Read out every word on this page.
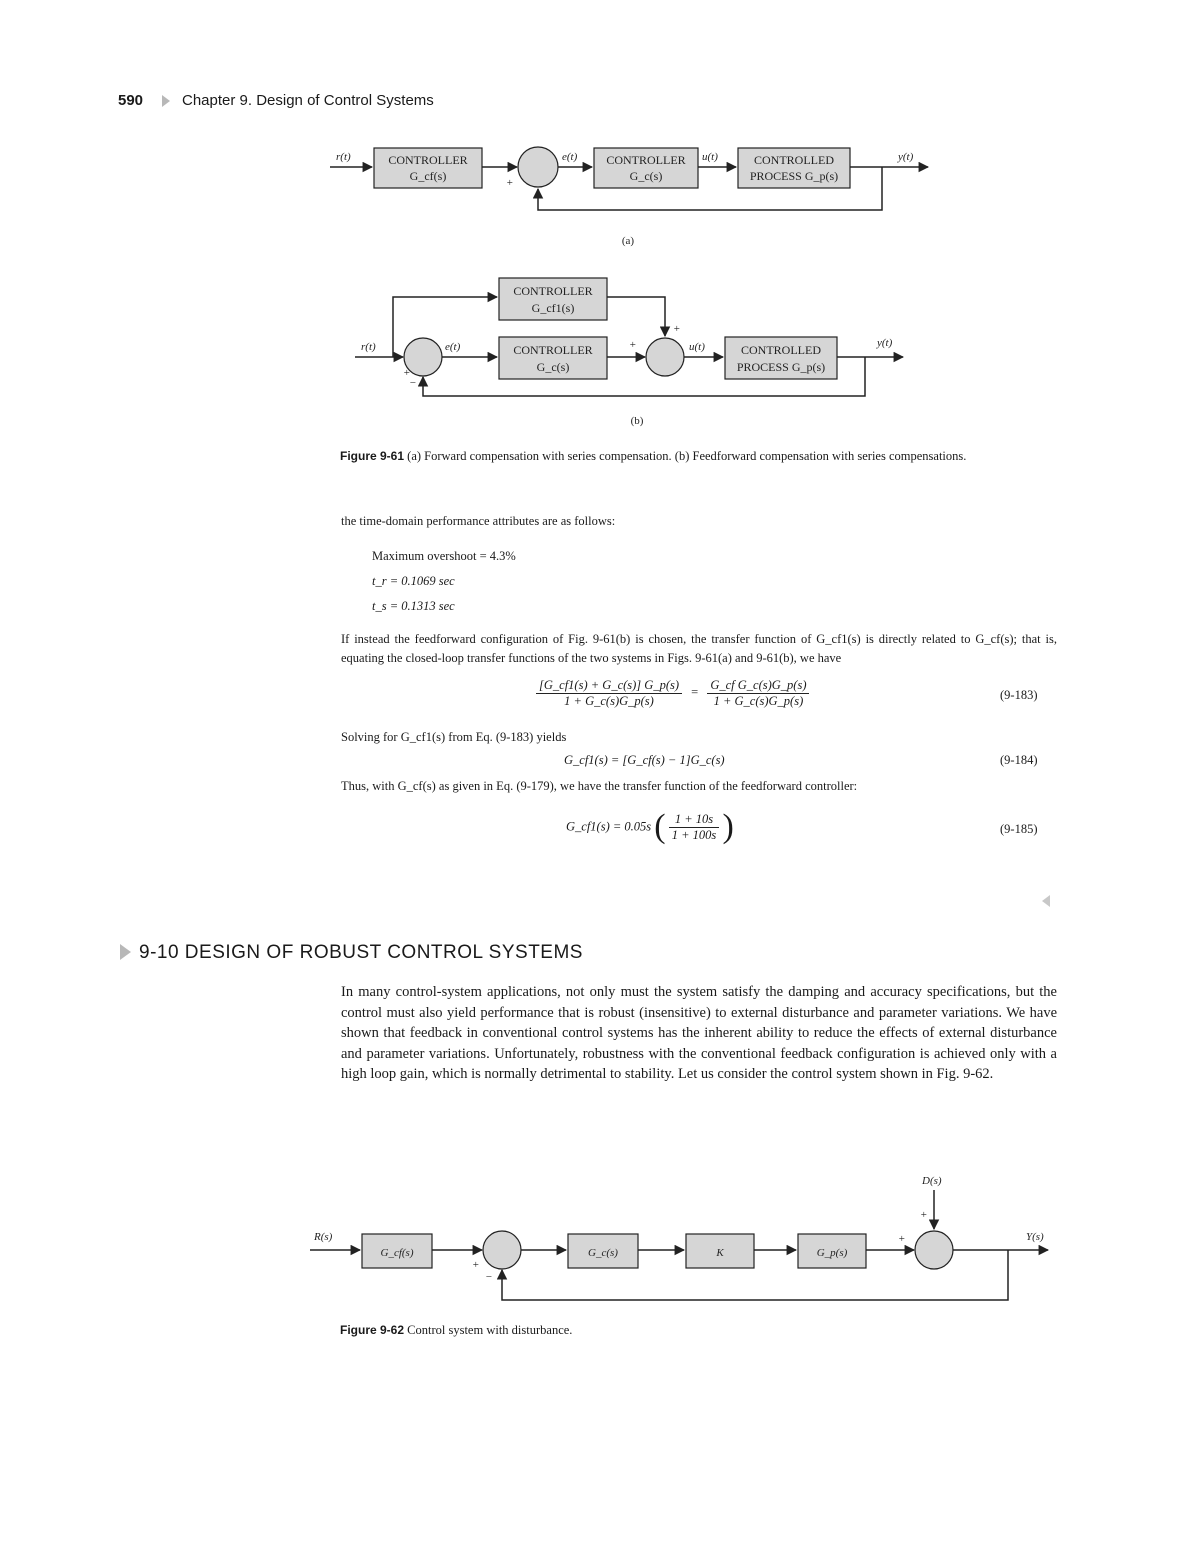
590	Chapter 9. Design of Control Systems
r(t)	CONTROLLER
G_cf(s)	+
e(t) CONTROLLER
G_c(s)
u(t)	CONTROLLED
PROCESS G_p(s)
y(t)
(a)
CONTROLLER
G_cf1(s)
r(t)
+
−
e(t)	CONTROLLER
G_c(s)
+
+
u(t)	CONTROLLED
PROCESS G_p(s)
y(t)
(b)
Figure 9-61 (a) Forward compensation with series compensation. (b) Feedforward compensation with series compensations.
the time-domain performance attributes are as follows:
Maximum overshoot = 4.3%
t_r = 0.1069 sec
t_s = 0.1313 sec
If instead the feedforward configuration of Fig. 9-61(b) is chosen, the transfer function of G_cf1(s) is directly related to G_cf(s); that is, equating the closed-loop transfer functions of the two systems in Figs. 9-61(a) and 9-61(b), we have
$\frac{[G\_cf1(s) + G\_c(s)] G\_p(s)}{1 + G\_c(s)G\_p(s)} = \frac{\text{G\_cf G\_c(s)G\_p(s)}}{1 + G\_c(s)G\_p(s)}$	(9-183)
Solving for G_cf1(s) from Eq. (9-183) yields
G_cf1(s) = [G_cf(s) − 1]G_c(s)	(9-184)
Thus, with G_cf(s) as given in Eq. (9-179), we have the transfer function of the feedforward controller:
G_cf1(s) = 0.05s ( $\frac{1 + 10s}{1 + 100s}$ )	(9-185)
9-10 DESIGN OF ROBUST CONTROL SYSTEMS
In many control-system applications, not only must the system satisfy the damping and accuracy specifications, but the control must also yield performance that is robust (insensitive) to external disturbance and parameter variations. We have shown that feedback in conventional control systems has the inherent ability to reduce the effects of external disturbance and parameter variations. Unfortunately, robustness with the conventional feedback configuration is achieved only with a high loop gain, which is normally detrimental to stability. Let us consider the control system shown in Fig. 9-62.
R(s)
G_cf(s)
+
−
G_c(s)	K	G_p(s)
+
D(s)
+
Y(s)
Figure 9-62 Control system with disturbance.
